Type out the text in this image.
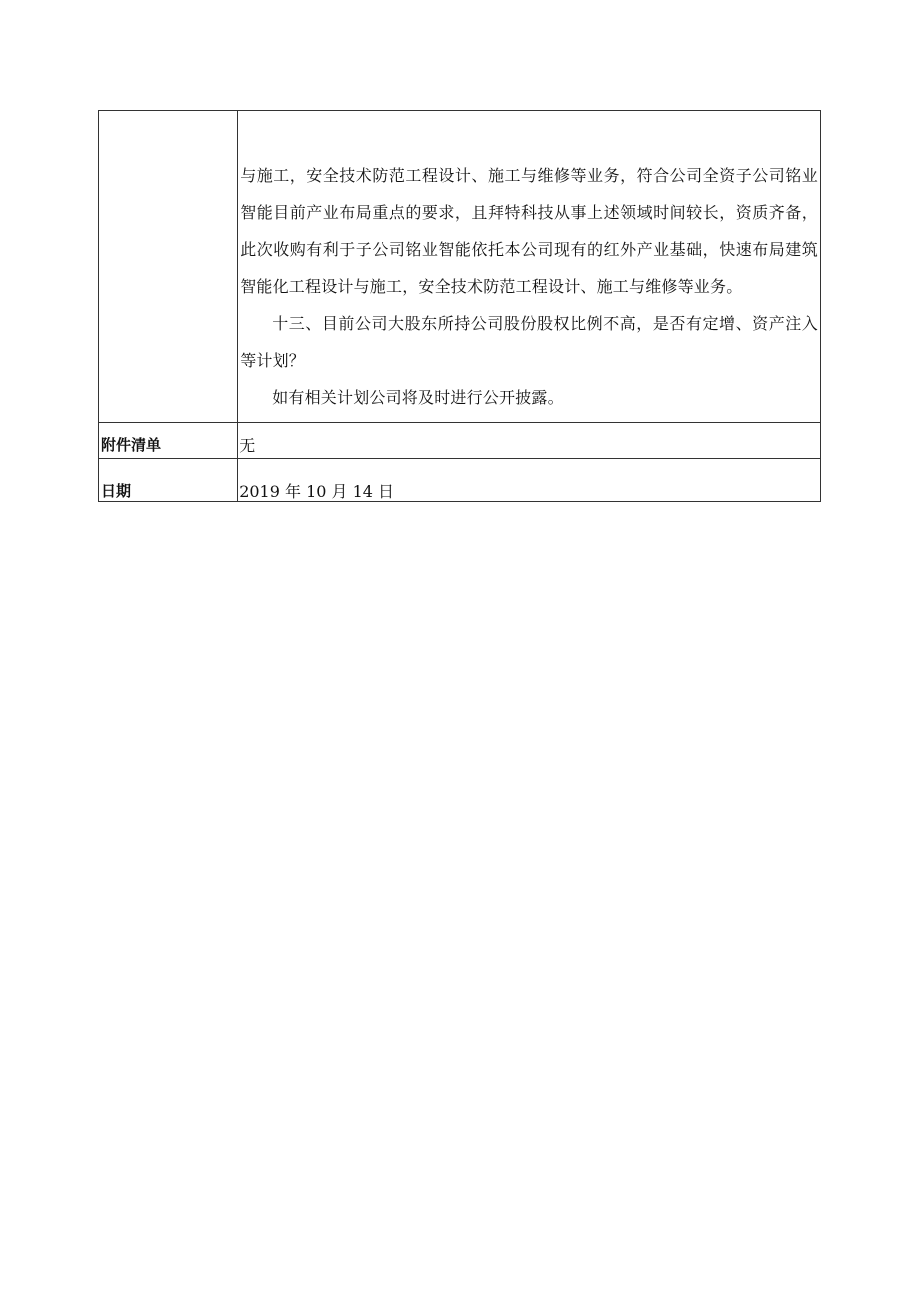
	与施工，安全技术防范工程设计、施工与维修等业务，符合公司全资子公司铭业智能目前产业布局重点的要求，且拜特科技从事上述领域时间较长，资质齐备，此次收购有利于子公司铭业智能依托本公司现有的红外产业基础，快速布局建筑智能化工程设计与施工，安全技术防范工程设计、施工与维修等业务。

十三、目前公司大股东所持公司股份股权比例不高，是否有定增、资产注入等计划？

如有相关计划公司将及时进行公开披露。

附件清单	无

日期	2019 年 10 月 14 日
